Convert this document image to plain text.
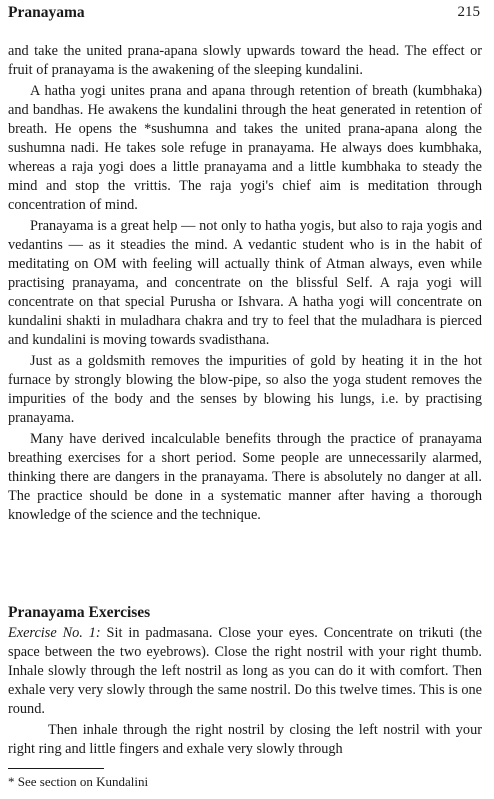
Pranayama	215

and take the united prana-apana slowly upwards toward the head. The effect or fruit of pranayama is the awakening of the sleeping kundalini.

A hatha yogi unites prana and apana through retention of breath (kumbhaka) and bandhas. He awakens the kundalini through the heat generated in retention of breath. He opens the *sushumna and takes the united prana-apana along the sushumna nadi. He takes sole refuge in pranayama. He always does kumbhaka, whereas a raja yogi does a little pranayama and a little kumbhaka to steady the mind and stop the vrittis. The raja yogi's chief aim is meditation through concentration of mind.

Pranayama is a great help — not only to hatha yogis, but also to raja yogis and vedantins — as it steadies the mind. A vedantic student who is in the habit of meditating on OM with feeling will actually think of Atman always, even while practising pranayama, and concentrate on the blissful Self. A raja yogi will concentrate on that special Purusha or Ishvara. A hatha yogi will concentrate on kundalini shakti in muladhara chakra and try to feel that the muladhara is pierced and kundalini is moving towards svadisthana.

Just as a goldsmith removes the impurities of gold by heating it in the hot furnace by strongly blowing the blow-pipe, so also the yoga student removes the impurities of the body and the senses by blowing his lungs, i.e. by practising pranayama.

Many have derived incalculable benefits through the practice of pranayama breathing exercises for a short period. Some people are unnecessarily alarmed, thinking there are dangers in the pranayama. There is absolutely no danger at all. The practice should be done in a systematic manner after having a thorough knowledge of the science and the technique.

Pranayama Exercises

Exercise No. 1: Sit in padmasana. Close your eyes. Concentrate on trikuti (the space between the two eyebrows). Close the right nostril with your right thumb. Inhale slowly through the left nostril as long as you can do it with comfort. Then exhale very very slowly through the same nostril. Do this twelve times. This is one round.

Then inhale through the right nostril by closing the left nostril with your right ring and little fingers and exhale very slowly through

* See section on Kundalini
